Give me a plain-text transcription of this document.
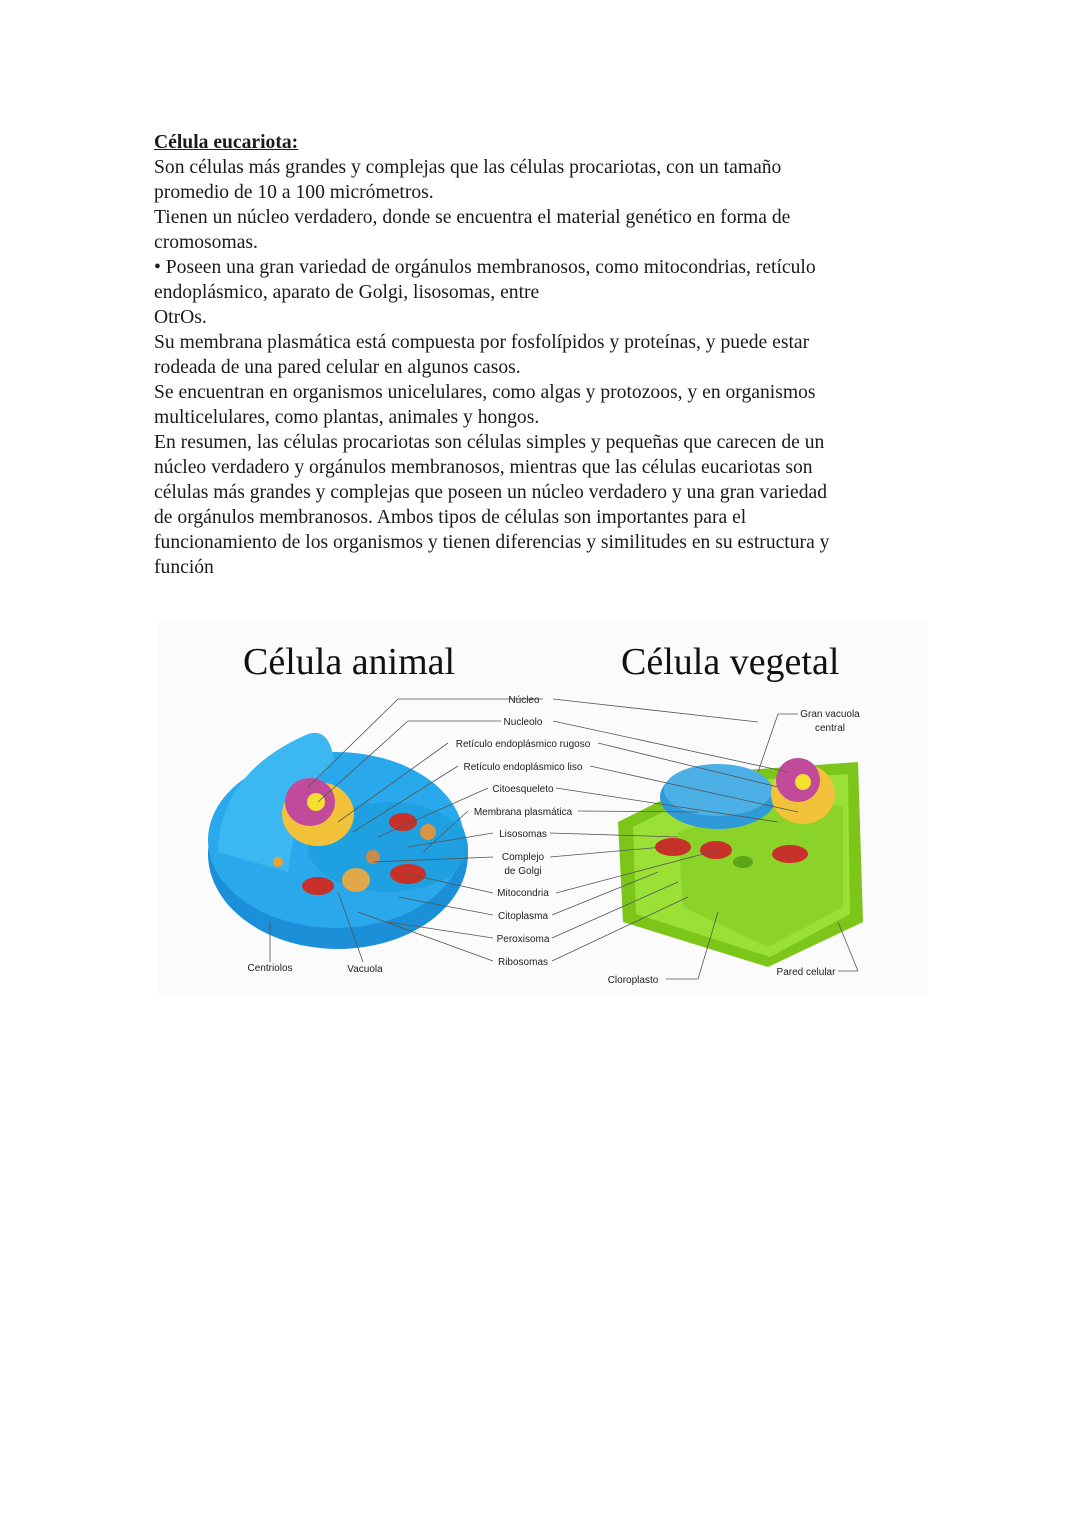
Célula eucariota:
Son células más grandes y complejas que las células procariotas, con un tamaño
promedio de 10 a 100 micrómetros.
Tienen un núcleo verdadero, donde se encuentra el material genético en forma de
cromosomas.
• Poseen una gran variedad de orgánulos membranosos, como mitocondrias, retículo
endoplásmico, aparato de Golgi, lisosomas, entre
OtrOs.
Su membrana plasmática está compuesta por fosfolípidos y proteínas, y puede estar
rodeada de una pared celular en algunos casos.
Se encuentran en organismos unicelulares, como algas y protozoos, y en organismos
multicelulares, como plantas, animales y hongos.
En resumen, las células procariotas son células simples y pequeñas que carecen de un
núcleo verdadero y orgánulos membranosos, mientras que las células eucariotas son
células más grandes y complejas que poseen un núcleo verdadero y una gran variedad
de orgánulos membranosos. Ambos tipos de células son importantes para el
funcionamiento de los organismos y tienen diferencias y similitudes en su estructura y
función
Célula animal	Célula vegetal
Núcleo
Nucleolo
Retículo endoplásmico rugoso
Retículo endoplásmico liso
Citoesqueleto
Membrana plasmática
Lisosomas
Complejo
de Golgi
Mitocondria
Citoplasma
Peroxisoma
Ribosomas
Centriolos	Vacuola
Gran vacuola
central
Cloroplasto
Pared celular
